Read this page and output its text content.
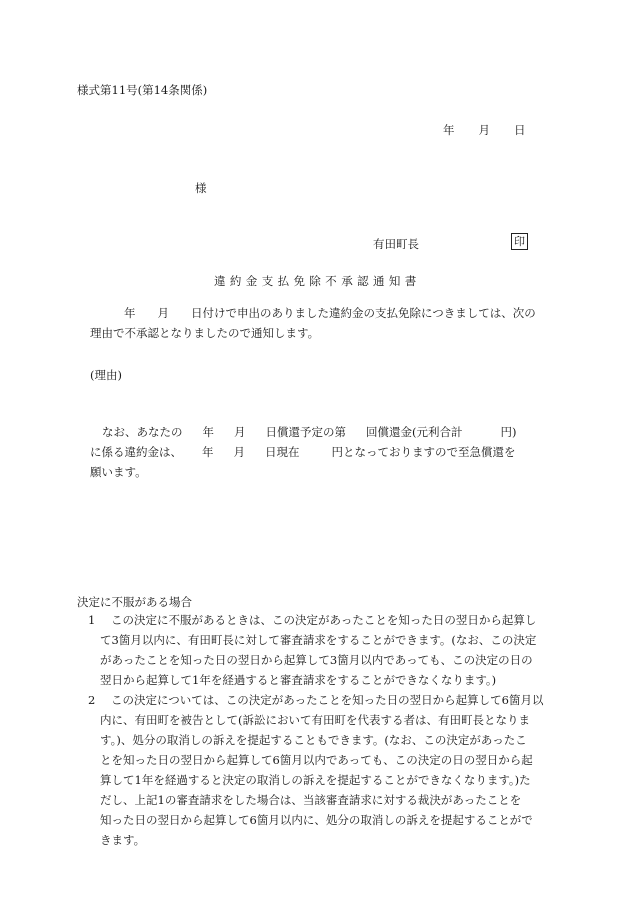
様式第11号(第14条関係)
年 月 日
様
有田町長	印
違約金支払免除不承認通知書
年 月 日付けで申出のありました違約金の支払免除につきましては、次の
理由で不承認となりましたので通知します。
(理由)
なお、あなたの 年 月 日償還予定の第 回償還金(元利合計	円)
に係る違約金は、 年 月 日現在	円となっておりますので至急償還を
願います。
決定に不服がある場合
1	この決定に不服があるときは、この決定があったことを知った日の翌日から起算し
て3箇月以内に、有田町長に対して審査請求をすることができます。(なお、この決定
があったことを知った日の翌日から起算して3箇月以内であっても、この決定の日の
翌日から起算して1年を経過すると審査請求をすることができなくなります。)
2	この決定については、この決定があったことを知った日の翌日から起算して6箇月以
内に、有田町を被告として(訴訟において有田町を代表する者は、有田町長となりま
す。)、処分の取消しの訴えを提起することもできます。(なお、この決定があったこ
とを知った日の翌日から起算して6箇月以内であっても、この決定の日の翌日から起
算して1年を経過すると決定の取消しの訴えを提起することができなくなります。)た
だし、上記1の審査請求をした場合は、当該審査請求に対する裁決があったことを
知った日の翌日から起算して6箇月以内に、処分の取消しの訴えを提起することがで
きます。
